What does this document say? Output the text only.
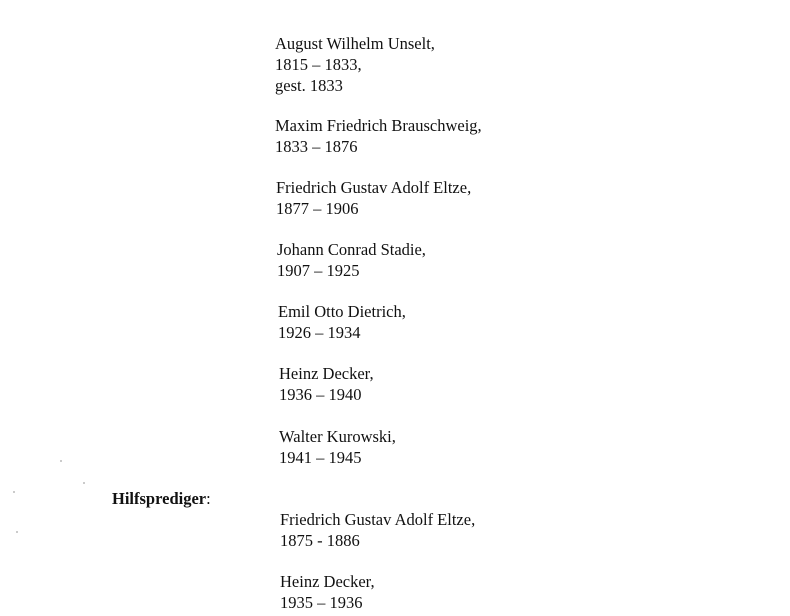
August Wilhelm Unselt,
1815 – 1833,
gest. 1833
Maxim Friedrich Brauschweig,
1833 – 1876
Friedrich Gustav Adolf Eltze,
1877 – 1906
Johann Conrad Stadie,
1907 – 1925
Emil Otto Dietrich,
1926 – 1934
Heinz Decker,
1936 – 1940
Walter Kurowski,
1941 – 1945
Hilfsprediger:
Friedrich Gustav Adolf Eltze,
1875 - 1886
Heinz Decker,
1935 – 1936
